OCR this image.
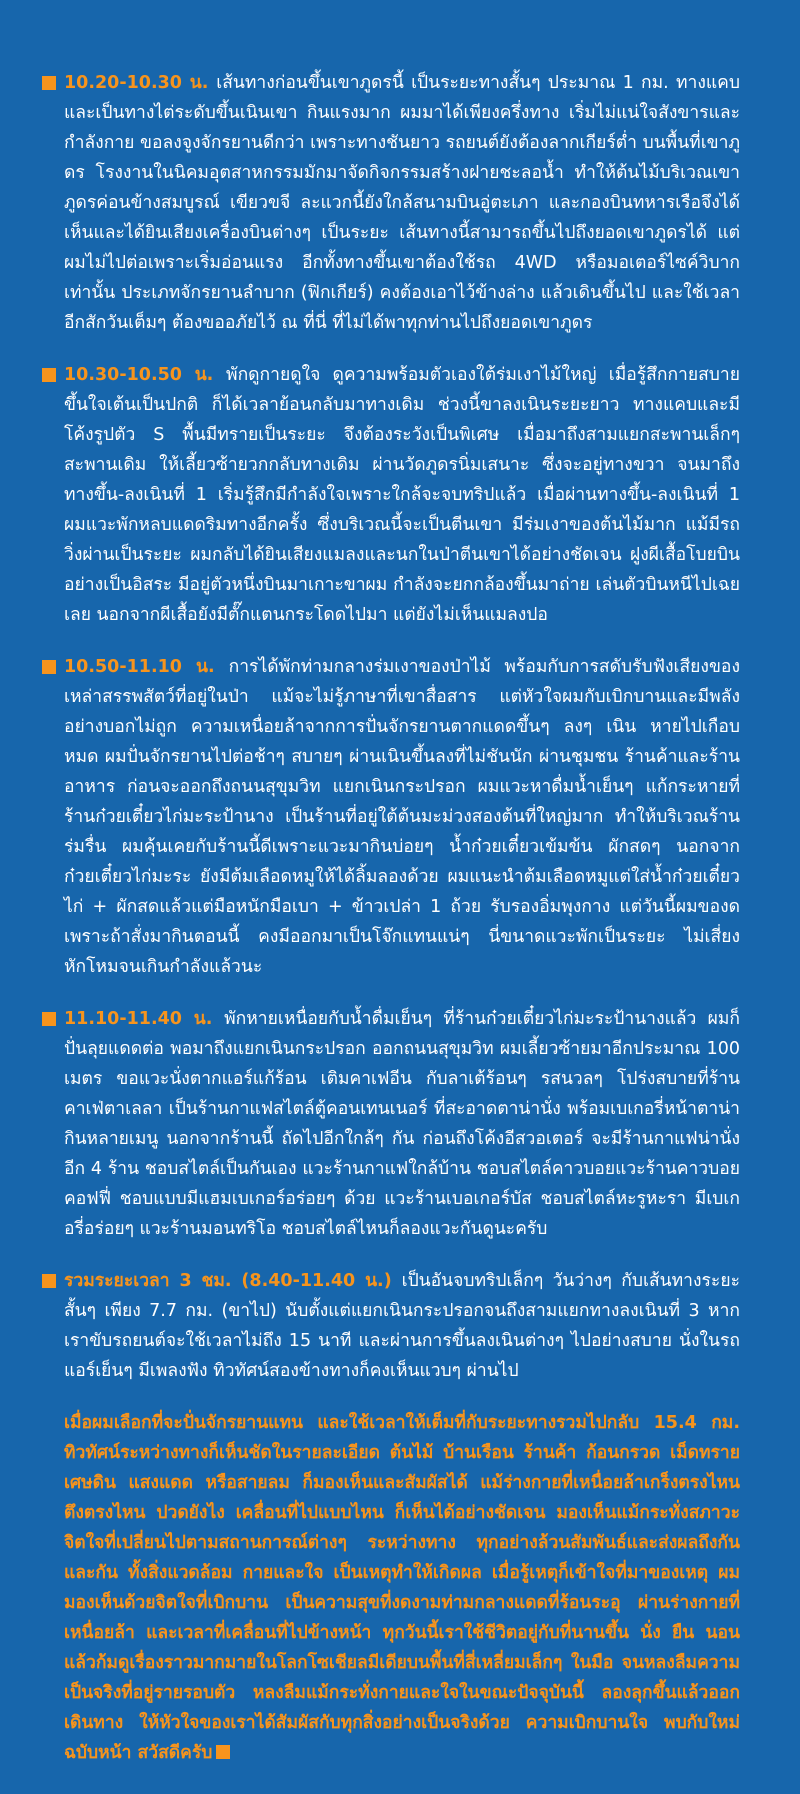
10.20-10.30 น. เส้นทางก่อนขึ้นเขาภูดรนี้ เป็นระยะทางสั้นๆ ประมาณ 1 กม. ทางแคบและเป็นทางไต่ระดับขึ้นเนินเขา กินแรงมาก ผมมาได้เพียงครึ่งทาง เริ่มไม่แน่ใจสังขารและกำลังกาย ขอลงจูงจักรยานดีกว่า เพราะทางชันยาว รถยนต์ยังต้องลากเกียร์ต่ำ บนพื้นที่เขาภูดร โรงงานในนิคมอุตสาหกรรมมักมาจัดกิจกรรมสร้างฝายชะลอน้ำ ทำให้ต้นไม้บริเวณเขาภูดรค่อนข้างสมบูรณ์ เขียวขจี ละแวกนี้ยังใกล้สนามบินอู่ตะเภา และกองบินทหารเรือจึงได้เห็นและได้ยินเสียงเครื่องบินต่างๆ เป็นระยะ เส้นทางนี้สามารถขึ้นไปถึงยอดเขาภูดรได้ แต่ผมไม่ไปต่อเพราะเริ่มอ่อนแรง อีกทั้งทางขึ้นเขาต้องใช้รถ 4WD หรือมอเตอร์ไซค์วิบากเท่านั้น ประเภทจักรยานลำบาก (ฟิกเกียร์) คงต้องเอาไว้ข้างล่าง แล้วเดินขึ้นไป และใช้เวลาอีกสักวันเต็มๆ ต้องขออภัยไว้ ณ ที่นี่ ที่ไม่ได้พาทุกท่านไปถึงยอดเขาภูดร
10.30-10.50 น. พักดูกายดูใจ ดูความพร้อมตัวเองใต้ร่มเงาไม้ใหญ่ เมื่อรู้สึกกายสบายขึ้นใจเต้นเป็นปกติ ก็ได้เวลาย้อนกลับมาทางเดิม ช่วงนี้ขาลงเนินระยะยาว ทางแคบและมีโค้งรูปตัว S พื้นมีทรายเป็นระยะ จึงต้องระวังเป็นพิเศษ เมื่อมาถึงสามแยกสะพานเล็กๆ สะพานเดิม ให้เลี้ยวซ้ายวกกลับทางเดิม ผ่านวัดภูดรนิ่มเสนาะ ซึ่งจะอยู่ทางขวา จนมาถึงทางขึ้น-ลงเนินที่ 1 เริ่มรู้สึกมีกำลังใจเพราะใกล้จะจบทริปแล้ว เมื่อผ่านทางขึ้น-ลงเนินที่ 1 ผมแวะพักหลบแดดริมทางอีกครั้ง ซึ่งบริเวณนี้จะเป็นตีนเขา มีร่มเงาของต้นไม้มาก แม้มีรถวิ่งผ่านเป็นระยะ ผมกลับได้ยินเสียงแมลงและนกในป่าตีนเขาได้อย่างชัดเจน ฝูงผีเสื้อโบยบินอย่างเป็นอิสระ มีอยู่ตัวหนึ่งบินมาเกาะขาผม กำลังจะยกกล้องขึ้นมาถ่าย เล่นตัวบินหนีไปเฉยเลย นอกจากผีเสื้อยังมีตั๊กแตนกระโดดไปมา แต่ยังไม่เห็นแมลงปอ
10.50-11.10 น. การได้พักท่ามกลางร่มเงาของป่าไม้ พร้อมกับการสดับรับฟังเสียงของเหล่าสรรพสัตว์ที่อยู่ในป่า แม้จะไม่รู้ภาษาที่เขาสื่อสาร แต่หัวใจผมกับเบิกบานและมีพลังอย่างบอกไม่ถูก ความเหนื่อยล้าจากการปั่นจักรยานตากแดดขึ้นๆ ลงๆ เนิน หายไปเกือบหมด ผมปั่นจักรยานไปต่อช้าๆ สบายๆ ผ่านเนินขึ้นลงที่ไม่ชันนัก ผ่านชุมชน ร้านค้าและร้านอาหาร ก่อนจะออกถึงถนนสุขุมวิท แยกเนินกระปรอก ผมแวะหาดื่มน้ำเย็นๆ แก้กระหายที่ร้านก๋วยเตี๋ยวไก่มะระป้านาง เป็นร้านที่อยู่ใต้ต้นมะม่วงสองต้นที่ใหญ่มาก ทำให้บริเวณร้านร่มรื่น ผมคุ้นเคยกับร้านนี้ดีเพราะแวะมากินบ่อยๆ น้ำก๋วยเตี๋ยวเข้มข้น ผักสดๆ นอกจากก๋วยเตี๋ยวไก่มะระ ยังมีต้มเลือดหมูให้ได้ลิ้มลองด้วย ผมแนะนำต้มเลือดหมูแต่ใส่น้ำก๋วยเตี๋ยวไก่ + ผักสดแล้วแต่มือหนักมือเบา + ข้าวเปล่า 1 ถ้วย รับรองอิ่มพุงกาง แต่วันนี้ผมของด เพราะถ้าสั่งมากินตอนนี้ คงมีออกมาเป็นโจ๊กแทนแน่ๆ นี่ขนาดแวะพักเป็นระยะ ไม่เสี่ยงหักโหมจนเกินกำลังแล้วนะ
11.10-11.40 น. พักหายเหนื่อยกับน้ำดื่มเย็นๆ ที่ร้านก๋วยเตี๋ยวไก่มะระป้านางแล้ว ผมก็ปั่นลุยแดดต่อ พอมาถึงแยกเนินกระปรอก ออกถนนสุขุมวิท ผมเลี้ยวซ้ายมาอีกประมาณ 100 เมตร ขอแวะนั่งตากแอร์แก้ร้อน เติมคาเฟอีน กับลาเต้ร้อนๆ รสนวลๆ โปร่งสบายที่ร้าน คาเฟ่ตาเลลา เป็นร้านกาแฟสไตล์ตู้คอนเทนเนอร์ ที่สะอาดตาน่านั่ง พร้อมเบเกอรี่หน้าตาน่ากินหลายเมนู นอกจากร้านนี้ ถัดไปอีกใกล้ๆ กัน ก่อนถึงโค้งอีสวอเตอร์ จะมีร้านกาแฟน่านั่ง อีก 4 ร้าน ชอบสไตล์เป็นกันเอง แวะร้านกาแฟใกล้บ้าน ชอบสไตล์คาวบอยแวะร้านคาวบอยคอฟฟี่ ชอบแบบมีแฮมเบเกอร์อร่อยๆ ด้วย แวะร้านเบอเกอร์บัส ชอบสไตล์หะรูหะรา มีเบเกอรี่อร่อยๆ แวะร้านมอนทริโอ ชอบสไตล์ไหนก็ลองแวะกันดูนะครับ
รวมระยะเวลา 3 ชม. (8.40-11.40 น.) เป็นอันจบทริปเล็กๆ วันว่างๆ กับเส้นทางระยะสั้นๆ เพียง 7.7 กม. (ขาไป) นับตั้งแต่แยกเนินกระปรอกจนถึงสามแยกทางลงเนินที่ 3 หากเราขับรถยนต์จะใช้เวลาไม่ถึง 15 นาที และผ่านการขึ้นลงเนินต่างๆ ไปอย่างสบาย นั่งในรถ แอร์เย็นๆ มีเพลงฟัง ทิวทัศน์สองข้างทางก็คงเห็นแวบๆ ผ่านไป
เมื่อผมเลือกที่จะปั่นจักรยานแทน และใช้เวลาให้เต็มที่กับระยะทางรวมไปกลับ 15.4 กม. ทิวทัศน์ระหว่างทางก็เห็นชัดในรายละเอียด ต้นไม้ บ้านเรือน ร้านค้า ก้อนกรวด เม็ดทราย เศษดิน แสงแดด หรือสายลม ก็มองเห็นและสัมผัสได้ แม้ร่างกายที่เหนื่อยล้าเกร็งตรงไหน ตึงตรงไหน ปวดยังไง เคลื่อนที่ไปแบบไหน ก็เห็นได้อย่างชัดเจน มองเห็นแม้กระทั่งสภาวะจิตใจที่เปลี่ยนไปตามสถานการณ์ต่างๆ ระหว่างทาง ทุกอย่างล้วนสัมพันธ์และส่งผลถึงกันและกัน ทั้งสิ่งแวดล้อม กายและใจ เป็นเหตุทำให้เกิดผล เมื่อรู้เหตุก็เข้าใจที่มาของเหตุ ผมมองเห็นด้วยจิตใจที่เบิกบาน เป็นความสุขที่งดงามท่ามกลางแดดที่ร้อนระอุ ผ่านร่างกายที่เหนื่อยล้า และเวลาที่เคลื่อนที่ไปข้างหน้า ทุกวันนี้เราใช้ชีวิตอยู่กับที่นานขึ้น นั่ง ยืน นอน แล้วก้มดูเรื่องราวมากมายในโลกโซเชียลมีเดียบนพื้นที่สี่เหลี่ยมเล็กๆ ในมือ จนหลงลืมความเป็นจริงที่อยู่รายรอบตัว หลงลืมแม้กระทั่งกายและใจในขณะปัจจุบันนี้ ลองลุกขึ้นแล้วออกเดินทาง ให้หัวใจของเราได้สัมผัสกับทุกสิ่งอย่างเป็นจริงด้วย ความเบิกบานใจ พบกับใหม่ฉบับหน้า สวัสดีครับ
